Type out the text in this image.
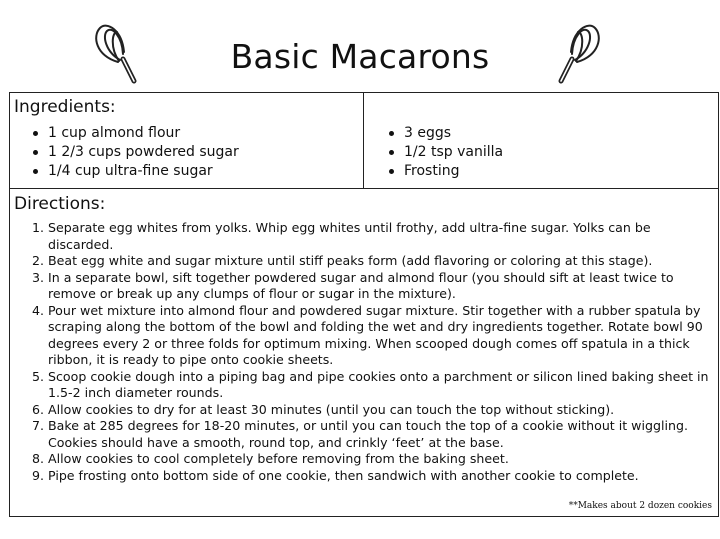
Basic Macarons
Ingredients:
1 cup almond flour
1 2/3 cups powdered sugar
1/4 cup ultra-fine sugar
3 eggs
1/2 tsp vanilla
Frosting
Directions:
1. Separate egg whites from yolks. Whip egg whites until frothy, add ultra-fine sugar. Yolks can be discarded.
2. Beat egg white and sugar mixture until stiff peaks form (add flavoring or coloring at this stage).
3. In a separate bowl, sift together powdered sugar and almond flour (you should sift at least twice to remove or break up any clumps of flour or sugar in the mixture).
4. Pour wet mixture into almond flour and powdered sugar mixture. Stir together with a rubber spatula by scraping along the bottom of the bowl and folding the wet and dry ingredients together. Rotate bowl 90 degrees every 2 or three folds for optimum mixing. When scooped dough comes off spatula in a thick ribbon, it is ready to pipe onto cookie sheets.
5. Scoop cookie dough into a piping bag and pipe cookies onto a parchment or silicon lined baking sheet in 1.5-2 inch diameter rounds.
6. Allow cookies to dry for at least 30 minutes (until you can touch the top without sticking).
7. Bake at 285 degrees for 18-20 minutes, or until you can touch the top of a cookie without it wiggling. Cookies should have a smooth, round top, and crinkly ‘feet’ at the base.
8. Allow cookies to cool completely before removing from the baking sheet.
9. Pipe frosting onto bottom side of one cookie, then sandwich with another cookie to complete.
**Makes about 2 dozen cookies
